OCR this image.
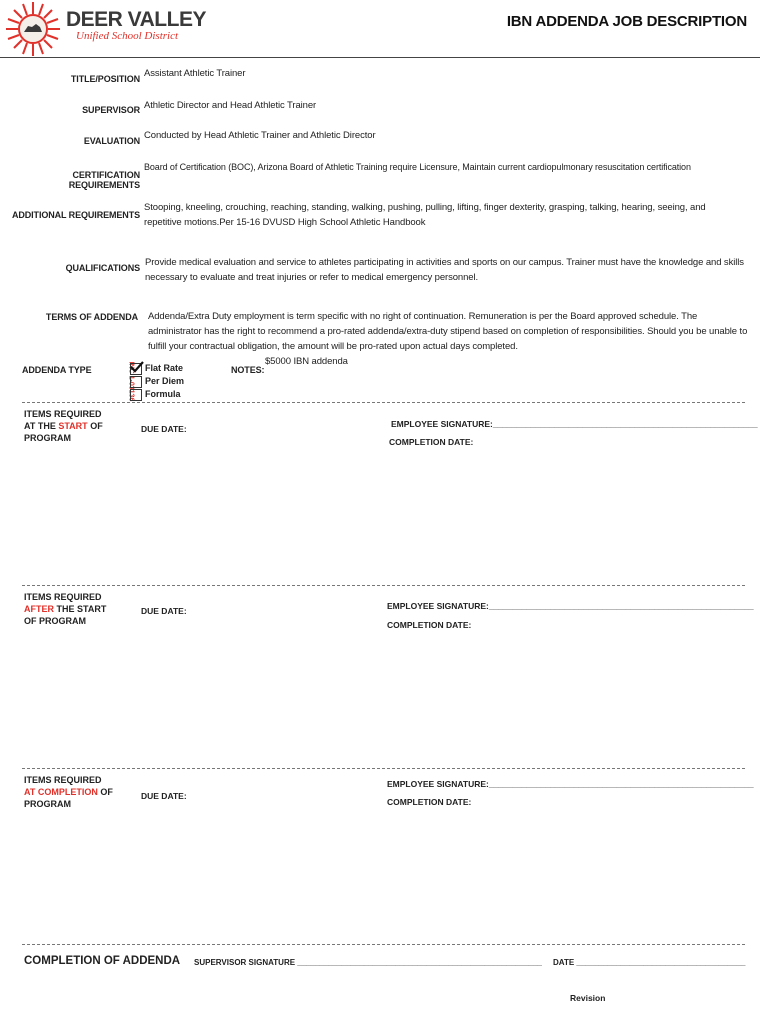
DEER VALLEY
Unified School District
IBN ADDENDA JOB DESCRIPTION
TITLE/POSITION Assistant Athletic Trainer
SUPERVISOR Athletic Director and Head Athletic Trainer
EVALUATION Conducted by Head Athletic Trainer and Athletic Director
CERTIFICATION REQUIREMENTS
Board of Certification (BOC), Arizona Board of Athletic Training require Licensure, Maintain current cardiopulmonary resuscitation certification
ADDITIONAL REQUIREMENTS
Stooping, kneeling, crouching, reaching, standing, walking, pushing, pulling, lifting, finger dexterity, grasping, talking, hearing, seeing, and repetitive motions.Per 15-16 DVUSD High School Athletic Handbook
QUALIFICATIONS Provide medical evaluation and service to athletes participating in activities and sports on our campus. Trainer must have the knowledge and skills necessary to evaluate and treat injuries or refer to medical emergency personnel.
TERMS OF ADDENDA Addenda/Extra Duty employment is term specific with no right of continuation. Remuneration is per the Board approved schedule. The administrator has the right to recommend a pro-rated addenda/extra-duty stipend based on completion of responsibilities. Should you be unable to fulfill your contractual obligation, the amount will be pro-rated upon actual days completed.
ADDENDA TYPE	INC 1-03136	Flat Rate
Per Diem
Formula
NOTES:
$5000 IBN addenda
ITEMS REQUIRED
AT THE START OF
PROGRAM
DUE DATE:	EMPLOYEE SIGNATURE:________________________________________________________
COMPLETION DATE:
ITEMS REQUIRED
AFTER THE START
OF PROGRAM
DUE DATE:	EMPLOYEE SIGNATURE:________________________________________________________
COMPLETION DATE:
ITEMS REQUIRED
AT COMPLETION OF
PROGRAM
DUE DATE:
EMPLOYEE SIGNATURE:________________________________________________________
COMPLETION DATE:
COMPLETION OF ADDENDA SUPERVISOR SIGNATURE _______________________________________________________ DATE ______________________________________
Revision
